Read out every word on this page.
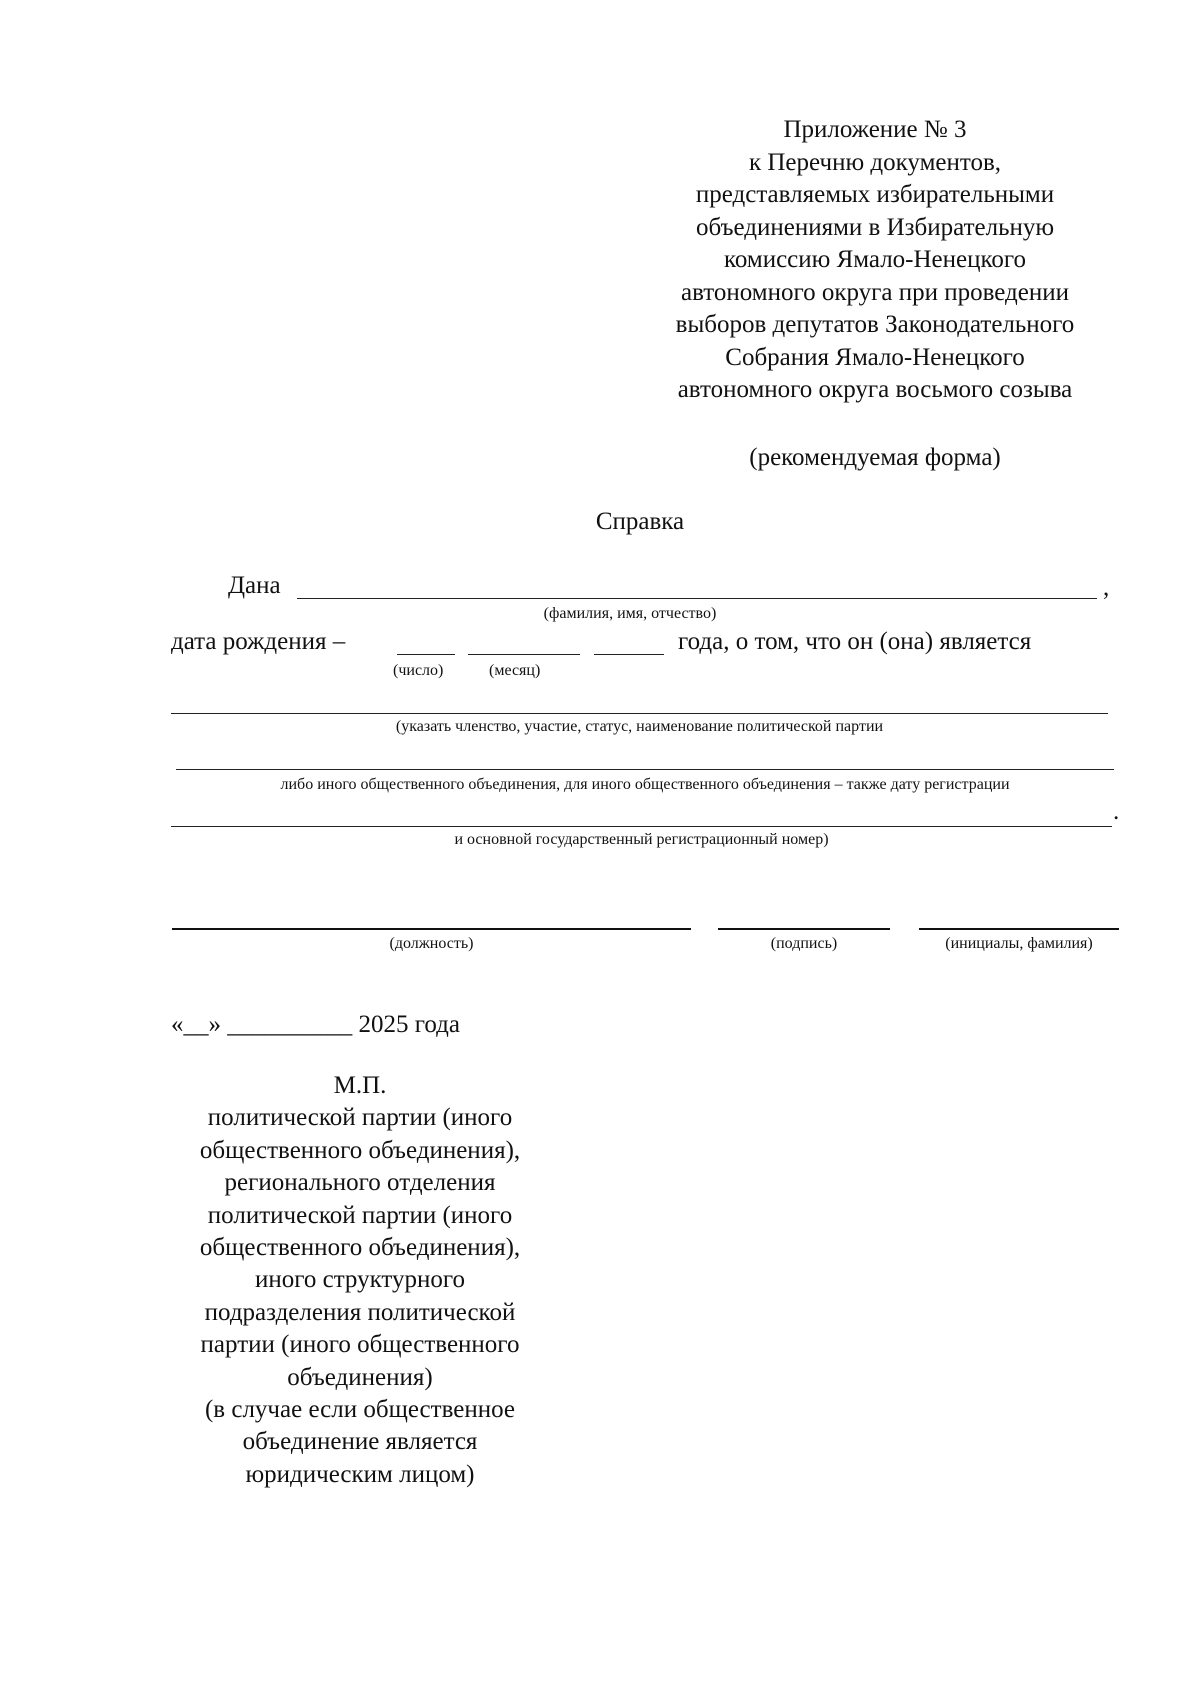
Приложение № 3
к Перечню документов,
представляемых избирательными
объединениями в Избирательную
комиссию Ямало-Ненецкого
автономного округа при проведении
выборов депутатов Законодательного
Собрания Ямало-Ненецкого
автономного округа восьмого созыва
(рекомендуемая форма)
Справка
Дана	,
(фамилия, имя, отчество)
дата рождения –	года, о том, что он (она) является
(число)	(месяц)
(указать членство, участие, статус, наименование политической партии
либо иного общественного объединения, для иного общественного объединения – также дату регистрации
.
и основной государственный регистрационный номер)
(должность)	(подпись)	(инициалы, фамилия)
«__» __________ 2025 года
М.П.
политической партии (иного
общественного объединения),
регионального отделения
политической партии (иного
общественного объединения),
иного структурного
подразделения политической
партии (иного общественного
объединения)
(в случае если общественное
объединение является
юридическим лицом)
